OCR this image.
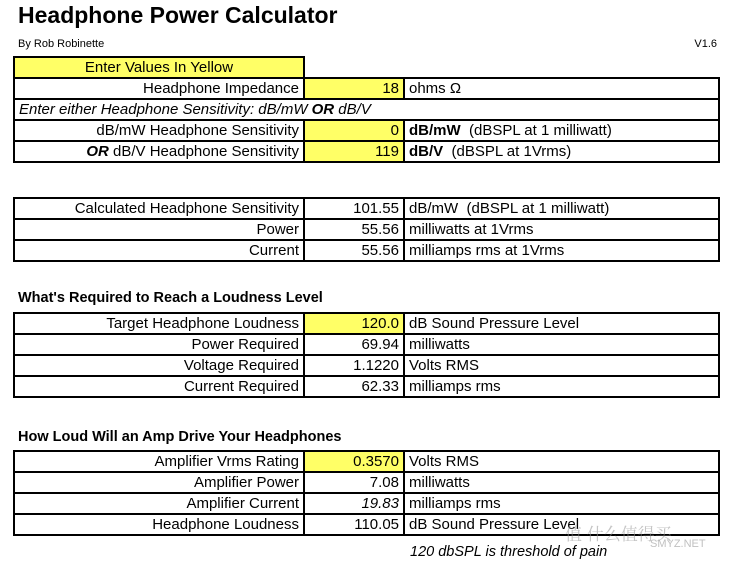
Headphone Power Calculator
By Rob Robinette	V1.6
Enter Values In Yellow		
Headphone Impedance	18	ohms Ω
Enter either Headphone Sensitivity: dB/mW OR dB/V		
dB/mW Headphone Sensitivity	0	dB/mW  (dBSPL at 1 milliwatt)
OR dB/V Headphone Sensitivity	119	dB/V  (dBSPL at 1Vrms)
Calculated Headphone Sensitivity	101.55	dB/mW  (dBSPL at 1 milliwatt)
Power	55.56	milliwatts at 1Vrms
Current	55.56	milliamps rms at 1Vrms
What's Required to Reach a Loudness Level
Target Headphone Loudness	120.0	dB Sound Pressure Level
Power Required	69.94	milliwatts
Voltage Required	1.1220	Volts RMS
Current Required	62.33	milliamps rms
How Loud Will an Amp Drive Your Headphones
Amplifier Vrms Rating	0.3570	Volts RMS
Amplifier Power	7.08	milliwatts
Amplifier Current	19.83	milliamps rms
Headphone Loudness	110.05	dB Sound Pressure Level
120 dbSPL is threshold of pain
值 什么值得买
SMYZ.NET
